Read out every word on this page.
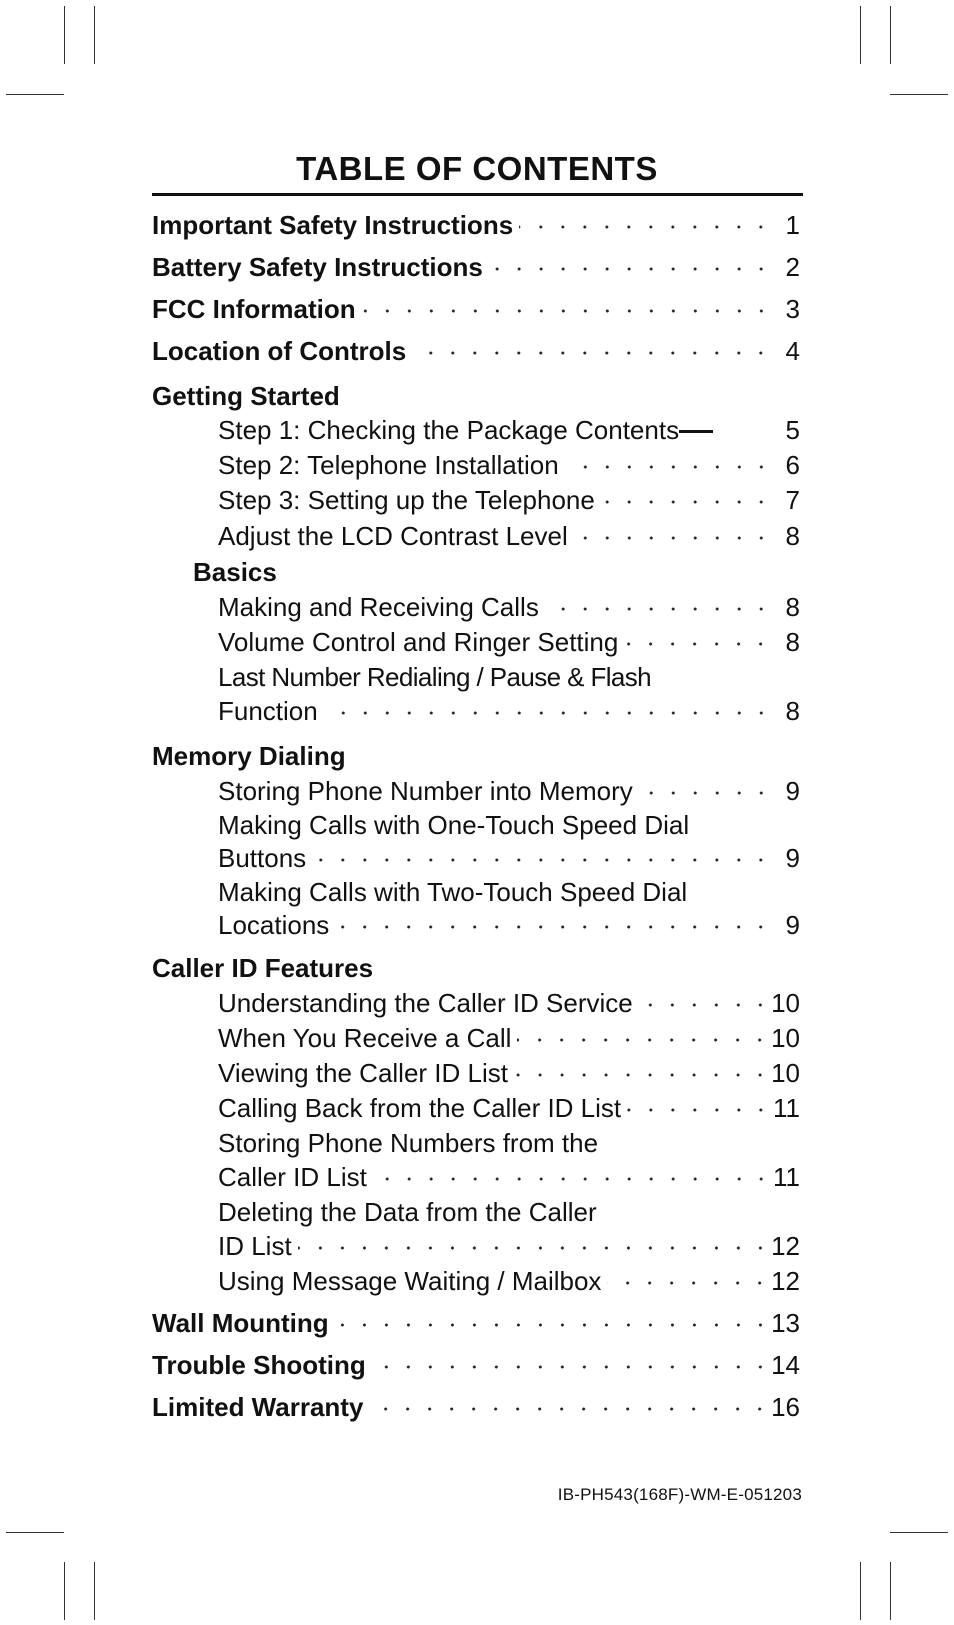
TABLE OF CONTENTS
Important Safety Instructions	1
Battery Safety Instructions	2
FCC Information	3
Location of Controls	4
Getting Started
Step 1: Checking the Package Contents	5
Step 2: Telephone Installation	6
Step 3: Setting up the Telephone	7
Adjust the LCD Contrast Level	8
Basics
Making and Receiving Calls	8
Volume Control and Ringer Setting	8
Last Number Redialing / Pause & Flash
Function	8
Memory Dialing
Storing Phone Number into Memory	9
Making Calls with One-Touch Speed Dial
Buttons	9
Making Calls with Two-Touch Speed Dial
Locations	9
Caller ID Features
Understanding the Caller ID Service	10
When You Receive a Call	10
Viewing the Caller ID List	10
Calling Back from the Caller ID List	11
Storing Phone Numbers from the
Caller ID List	11
Deleting the Data from the Caller
ID List	12
Using Message Waiting / Mailbox	12
Wall Mounting	13
Trouble Shooting	14
Limited Warranty	16
IB-PH543(168F)-WM-E-051203
